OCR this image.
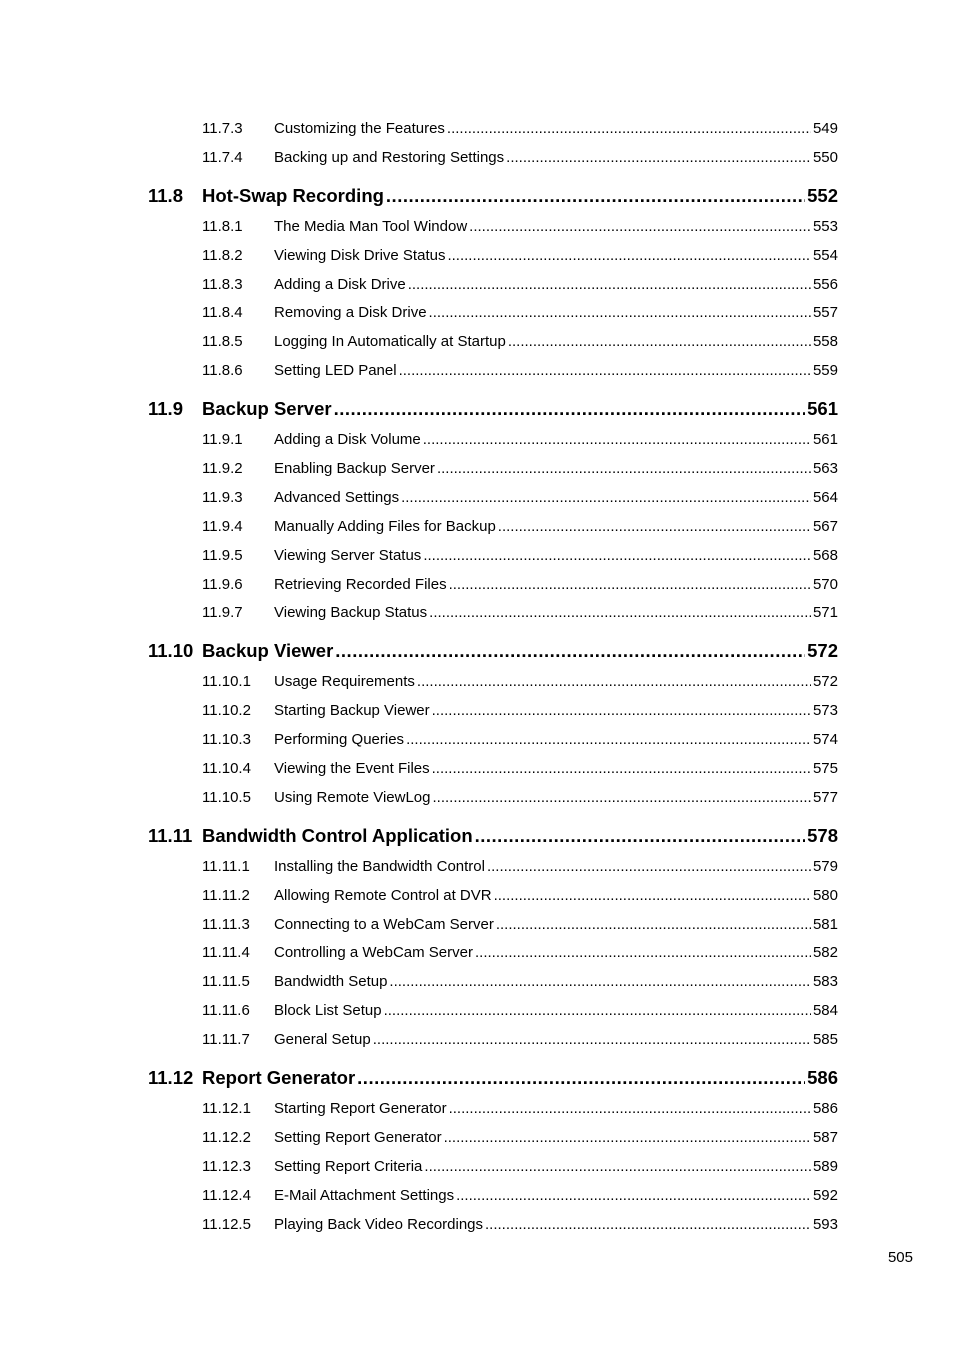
11.7.3	Customizing the Features .....	549
11.7.4	Backing up and Restoring Settings .....	550
11.8	Hot-Swap Recording .....	552
11.8.1	The Media Man Tool Window .....	553
11.8.2	Viewing Disk Drive Status .....	554
11.8.3	Adding a Disk Drive .....	556
11.8.4	Removing a Disk Drive .....	557
11.8.5	Logging In Automatically at Startup .....	558
11.8.6	Setting LED Panel .....	559
11.9	Backup Server .....	561
11.9.1	Adding a Disk Volume .....	561
11.9.2	Enabling Backup Server .....	563
11.9.3	Advanced Settings .....	564
11.9.4	Manually Adding Files for Backup .....	567
11.9.5	Viewing Server Status .....	568
11.9.6	Retrieving Recorded Files .....	570
11.9.7	Viewing Backup Status .....	571
11.10 Backup Viewer .....	572
11.10.1	Usage Requirements .....	572
11.10.2	Starting Backup Viewer .....	573
11.10.3	Performing Queries .....	574
11.10.4	Viewing the Event Files .....	575
11.10.5	Using Remote ViewLog .....	577
11.11 Bandwidth Control Application .....	578
11.11.1	Installing the Bandwidth Control .....	579
11.11.2	Allowing Remote Control at DVR .....	580
11.11.3	Connecting to a WebCam Server .....	581
11.11.4	Controlling a WebCam Server .....	582
11.11.5	Bandwidth Setup .....	583
11.11.6	Block List Setup .....	584
11.11.7	General Setup .....	585
11.12 Report Generator .....	586
11.12.1	Starting Report Generator .....	586
11.12.2	Setting Report Generator .....	587
11.12.3	Setting Report Criteria .....	589
11.12.4	E-Mail Attachment Settings .....	592
11.12.5	Playing Back Video Recordings .....	593
505
